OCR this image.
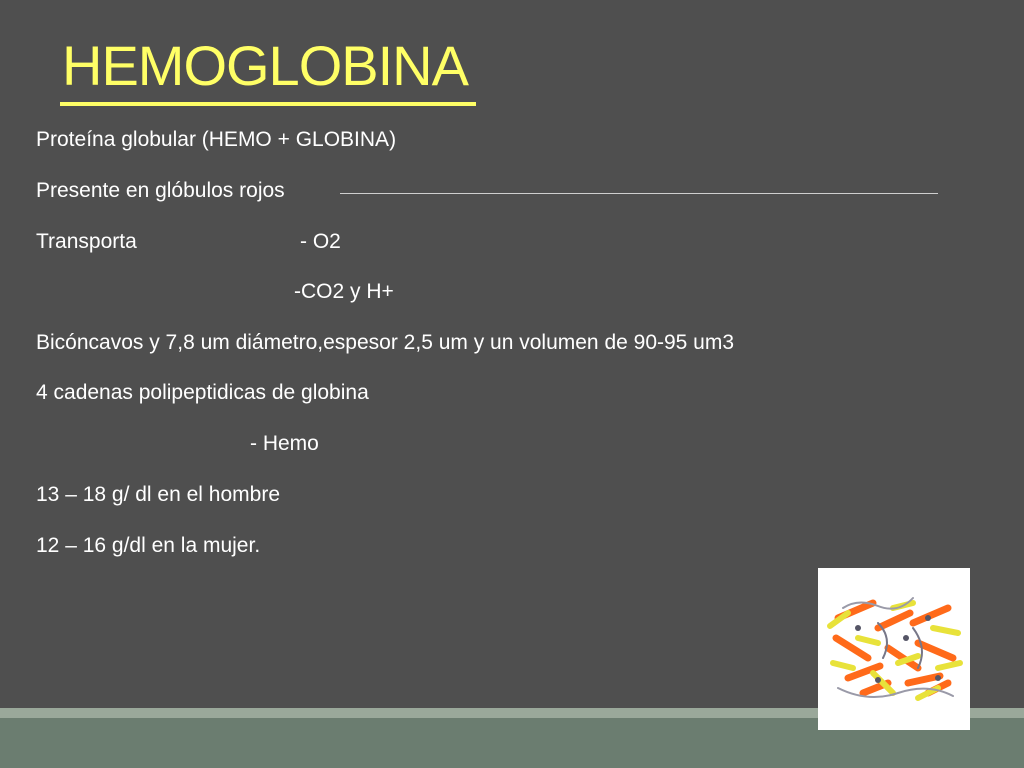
HEMOGLOBINA
Proteína globular (HEMO + GLOBINA)
Presente en glóbulos rojos
Transporta	- O2
-CO2 y H+
Bicóncavos y 7,8 um diámetro,espesor 2,5 um y un volumen de 90-95 um3
4 cadenas polipeptidicas de globina
- Hemo
13 – 18 g/ dl en el hombre
12 – 16 g/dl en la mujer.
